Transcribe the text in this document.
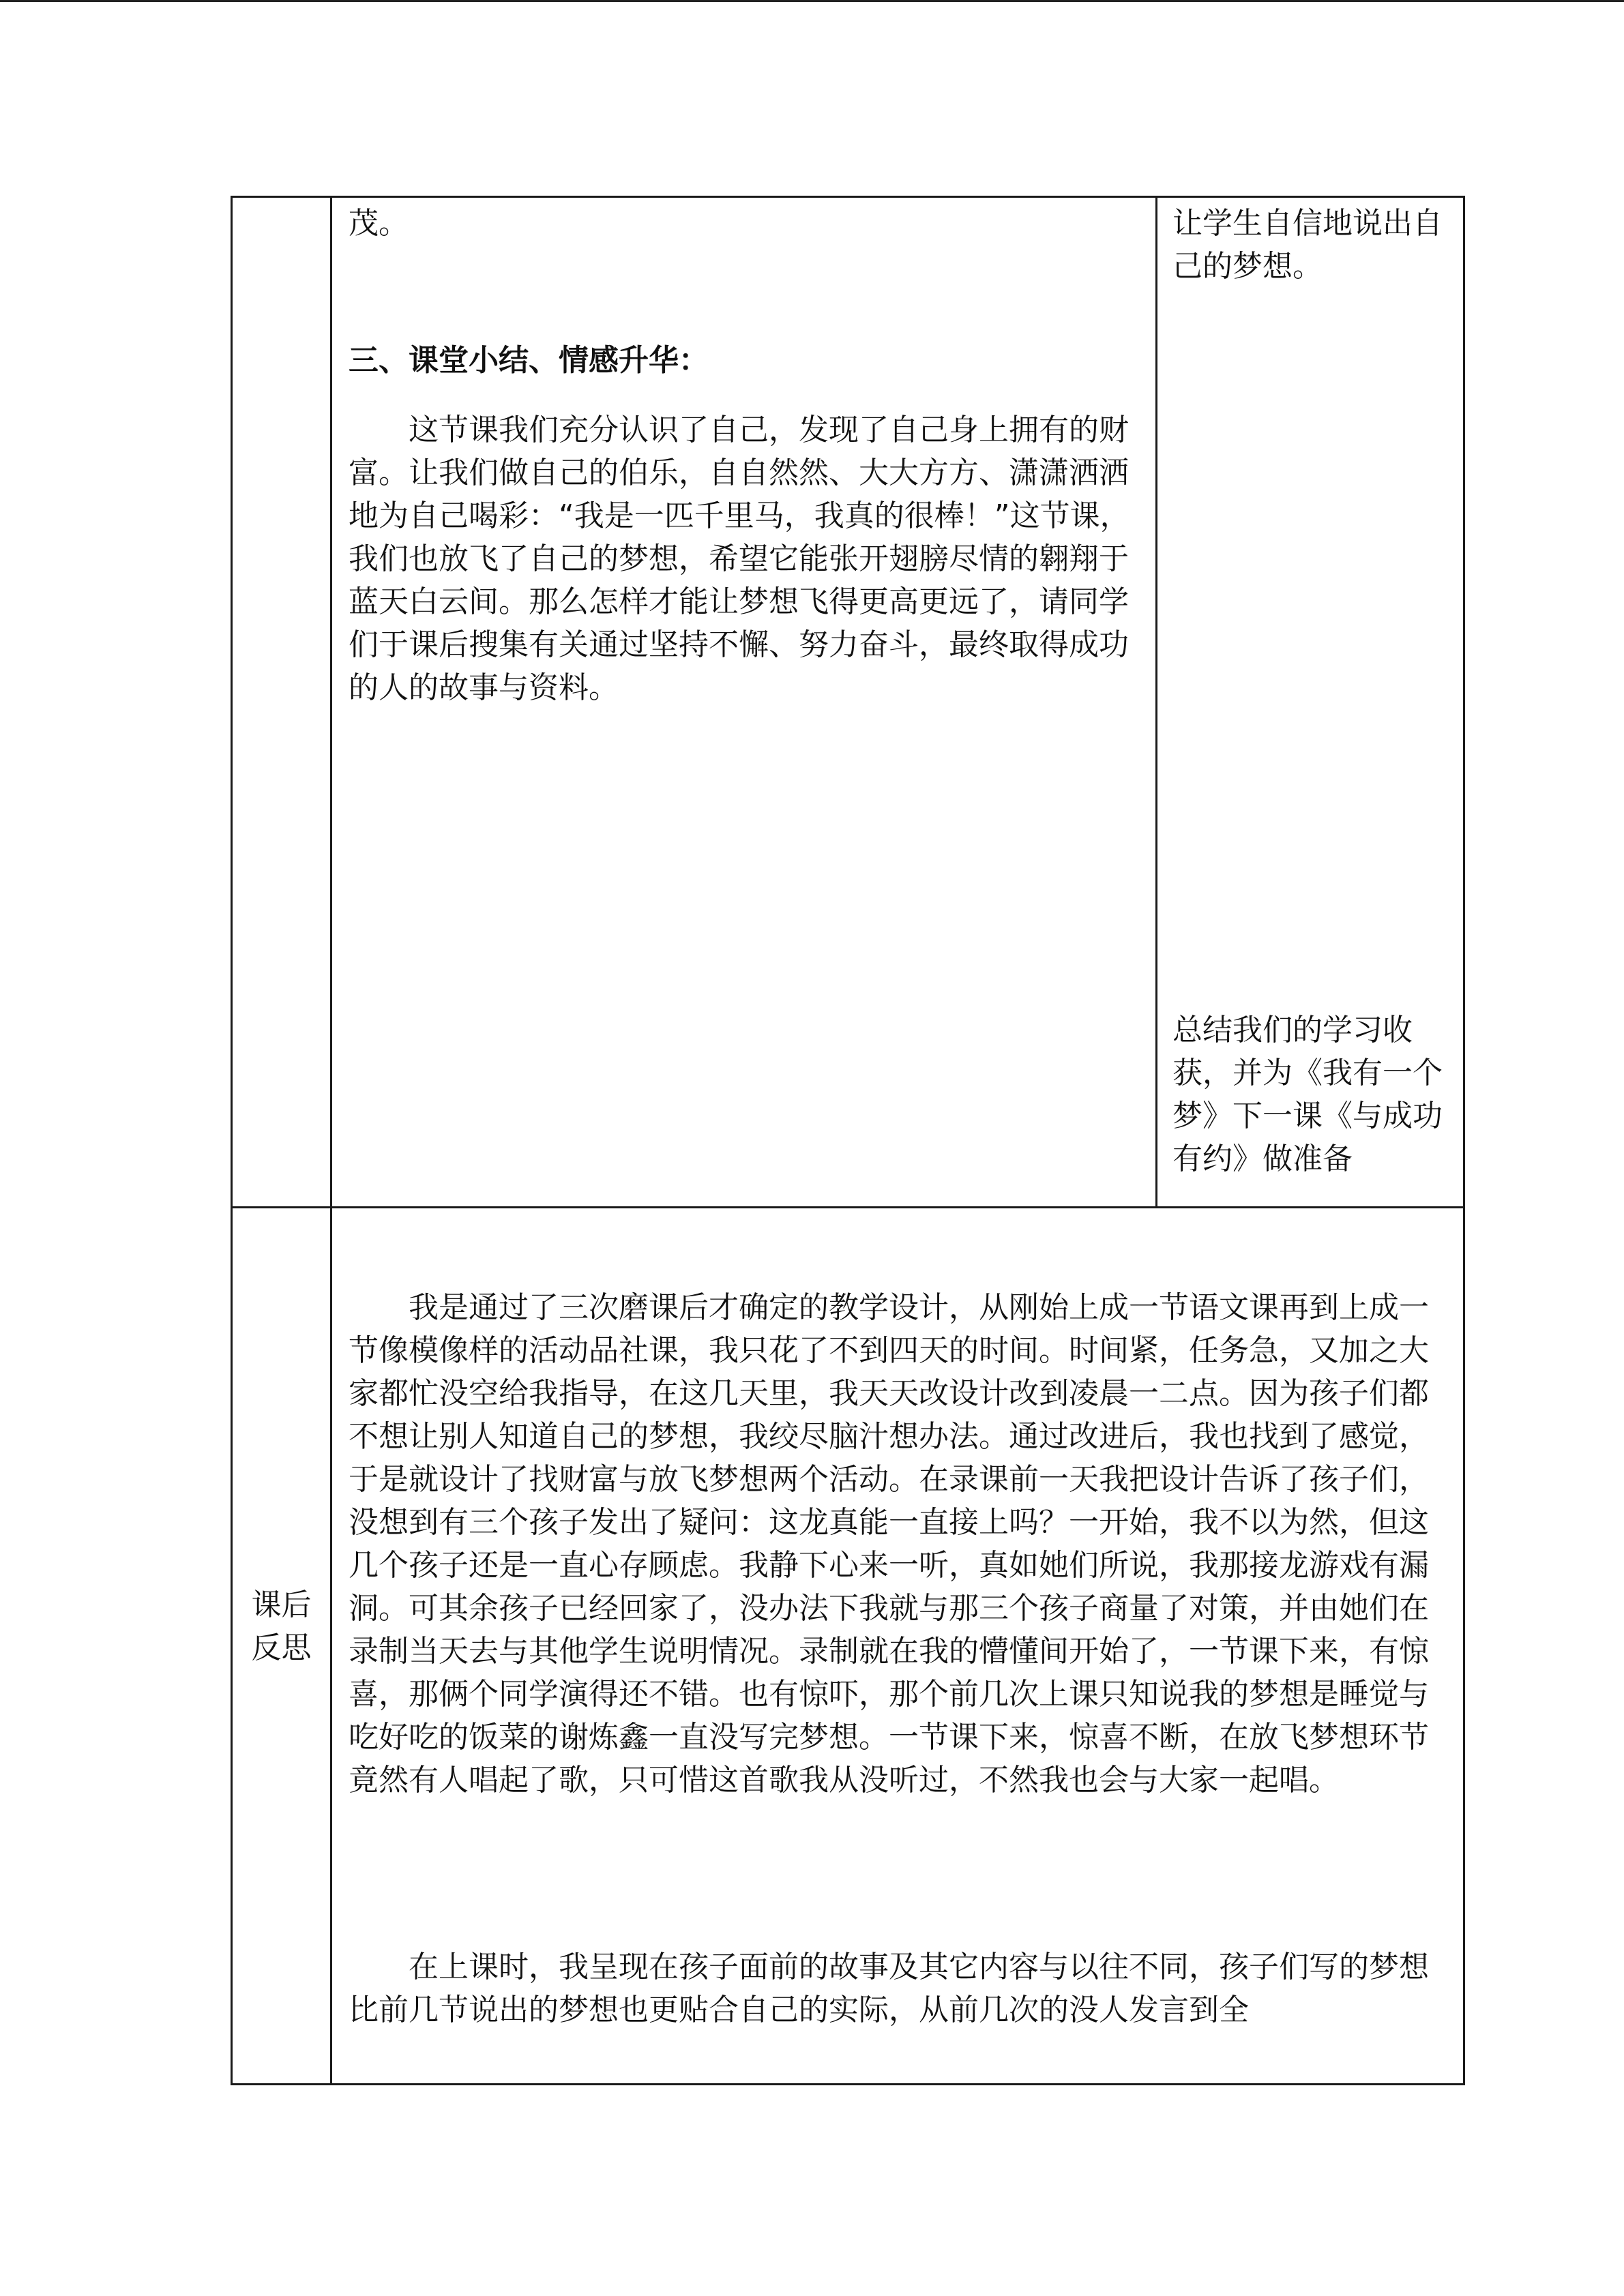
茂。

三、课堂小结、情感升华：

这节课我们充分认识了自己，发现了自己身上拥有的财富。让我们做自己的伯乐，自自然然、大大方方、潇潇洒洒地为自己喝彩：“我是一匹千里马，我真的很棒！”这节课，我们也放飞了自己的梦想，希望它能张开翅膀尽情的翱翔于蓝天白云间。那么怎样才能让梦想飞得更高更远了，请同学们于课后搜集有关通过坚持不懈、努力奋斗，最终取得成功的人的故事与资料。

让学生自信地说出自己的梦想。

总结我们的学习收获，并为《我有一个梦》下一课《与成功有约》做准备

课后
反思

我是通过了三次磨课后才确定的教学设计，从刚始上成一节语文课再到上成一节像模像样的活动品社课，我只花了不到四天的时间。时间紧，任务急，又加之大家都忙没空给我指导，在这几天里，我天天改设计改到凌晨一二点。因为孩子们都不想让别人知道自己的梦想，我绞尽脑汁想办法。通过改进后，我也找到了感觉，于是就设计了找财富与放飞梦想两个活动。在录课前一天我把设计告诉了孩子们，没想到有三个孩子发出了疑问：这龙真能一直接上吗？一开始，我不以为然，但这几个孩子还是一直心存顾虑。我静下心来一听，真如她们所说，我那接龙游戏有漏洞。可其余孩子已经回家了，没办法下我就与那三个孩子商量了对策，并由她们在录制当天去与其他学生说明情况。录制就在我的懵懂间开始了，一节课下来，有惊喜，那俩个同学演得还不错。也有惊吓，那个前几次上课只知说我的梦想是睡觉与吃好吃的饭菜的谢炼鑫一直没写完梦想。一节课下来，惊喜不断，在放飞梦想环节竟然有人唱起了歌，只可惜这首歌我从没听过，不然我也会与大家一起唱。

在上课时，我呈现在孩子面前的故事及其它内容与以往不同，孩子们写的梦想比前几节说出的梦想也更贴合自己的实际，从前几次的没人发言到全
